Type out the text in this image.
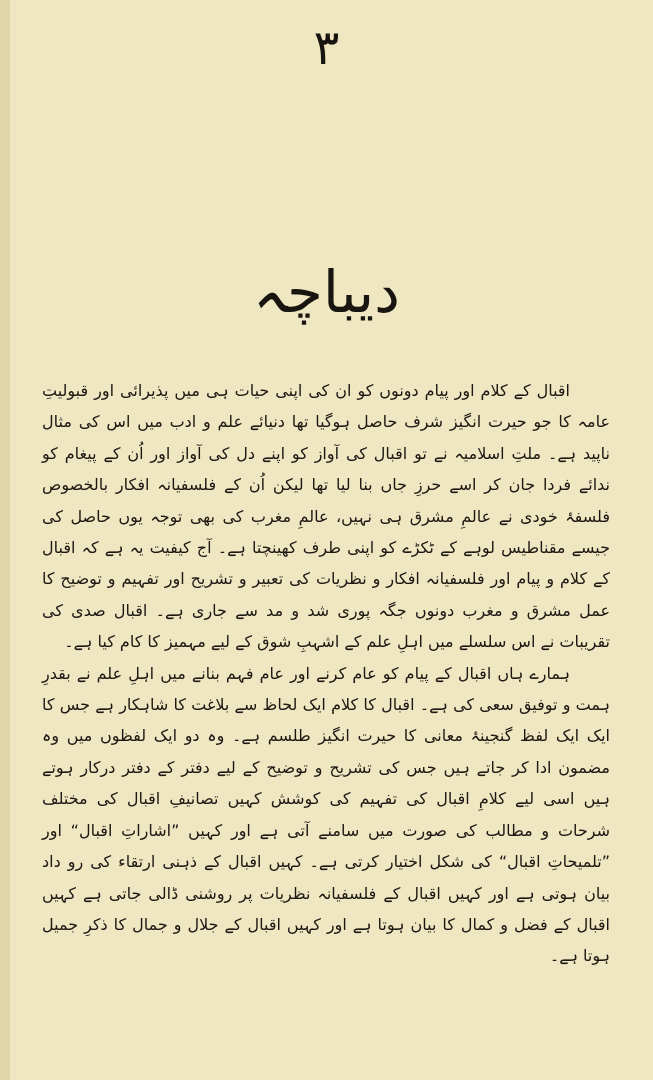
٣
دیباچہ

اقبال کے کلام اور پیام دونوں کو ان کی اپنی حیات ہی میں پذیرائی اور قبولیتِ عامہ کا جو حیرت انگیز شرف حاصل ہوگیا تھا دنیائے علم و ادب میں اس کی مثال ناپید ہے۔ ملتِ اسلامیہ نے تو اقبال کی آواز کو اپنے دل کی آواز اور اُن کے پیغام کو ندائے فردا جان کر اسے حرزِ جاں بنا لیا تھا لیکن اُن کے فلسفیانہ افکار بالخصوص فلسفۂ خودی نے عالمِ مشرق ہی نہیں، عالمِ مغرب کی بھی توجہ یوں حاصل کی جیسے مقناطیس لوہے کے ٹکڑے کو اپنی طرف کھینچتا ہے۔ آج کیفیت یہ ہے کہ اقبال کے کلام و پیام اور فلسفیانہ افکار و نظریات کی تعبیر و تشریح اور تفہیم و توضیح کا عمل مشرق و مغرب دونوں جگہ پوری شد و مد سے جاری ہے۔ اقبال صدی کی تقریبات نے اس سلسلے میں اہلِ علم کے اشہبِ شوق کے لیے مہمیز کا کام کیا ہے۔

ہمارے ہاں اقبال کے پیام کو عام کرنے اور عام فہم بنانے میں اہلِ علم نے بقدرِ ہمت و توفیق سعی کی ہے۔ اقبال کا کلام ایک لحاظ سے بلاغت کا شاہکار ہے جس کا ایک ایک لفظ گنجینۂ معانی کا حیرت انگیز طلسم ہے۔ وہ دو ایک لفظوں میں وہ مضمون ادا کر جاتے ہیں جس کی تشریح و توضیح کے لیے دفتر کے دفتر درکار ہوتے ہیں اسی لیے کلامِ اقبال کی تفہیم کی کوشش کہیں تصانیفِ اقبال کی مختلف شرحات و مطالب کی صورت میں سامنے آتی ہے اور کہیں ”اشاراتِ اقبال“ اور ”تلمیحاتِ اقبال“ کی شکل اختیار کرتی ہے۔ کہیں اقبال کے ذہنی ارتقاء کی رو داد بیان ہوتی ہے اور کہیں اقبال کے فلسفیانہ نظریات پر روشنی ڈالی جاتی ہے کہیں اقبال کے فضل و کمال کا بیان ہوتا ہے اور کہیں اقبال کے جلال و جمال کا ذکرِ جمیل ہوتا ہے۔
